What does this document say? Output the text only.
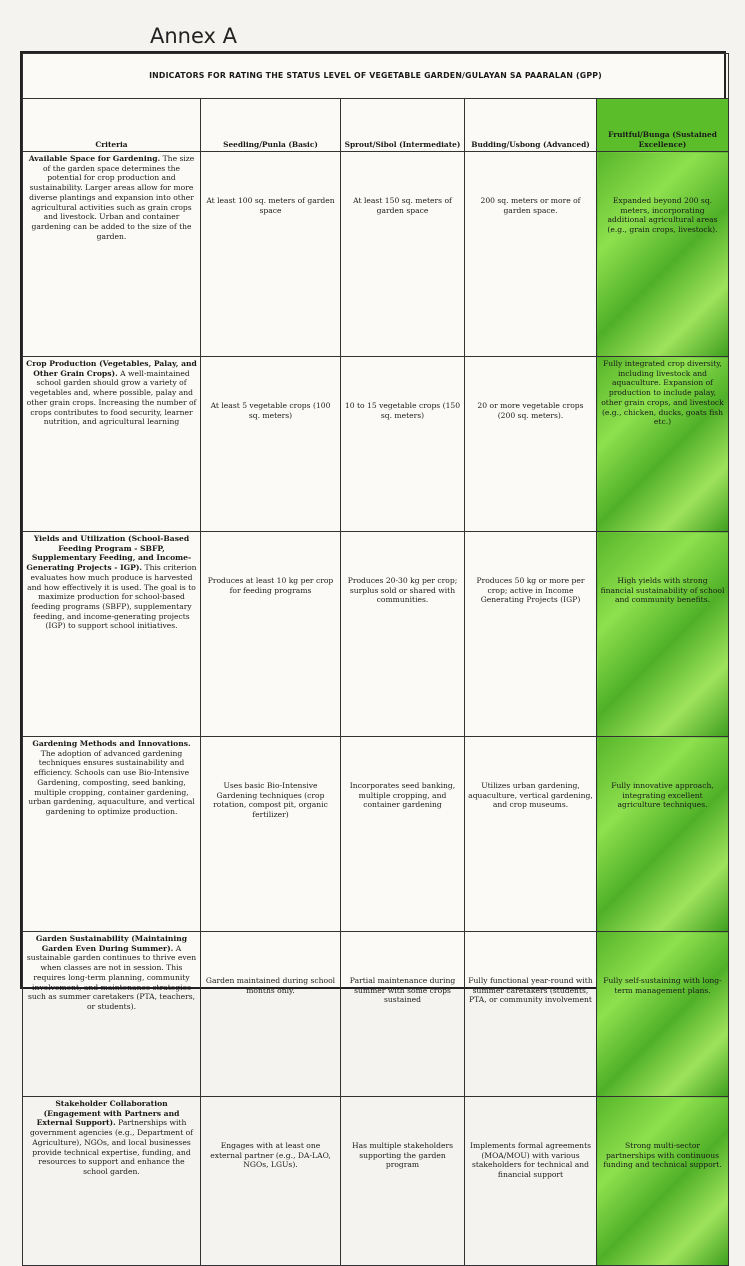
Annex A
INDICATORS FOR RATING THE STATUS LEVEL OF VEGETABLE GARDEN/GULAYAN SA PAARALAN (GPP)				
Criteria	Seedling/Punla (Basic)	Sprout/Sibol (Intermediate)	Budding/Usbong (Advanced)	Fruitful/Bunga (Sustained Excellence)
Available Space for Gardening. The size of the garden space determines the potential for crop production and sustainability. Larger areas allow for more diverse plantings and expansion into other agricultural activities such as grain crops and livestock. Urban and container gardening can be added to the size of the garden.	At least 100 sq. meters of garden space	At least 150 sq. meters of garden space	200 sq. meters or more of garden space.	Expanded beyond 200 sq. meters, incorporating additional agricultural areas (e.g., grain crops, livestock).
Crop Production (Vegetables, Palay, and Other Grain Crops). A well-maintained school garden should grow a variety of vegetables and, where possible, palay and other grain crops. Increasing the number of crops contributes to food security, learner nutrition, and agricultural learning	At least 5 vegetable crops (100 sq. meters)	10 to 15 vegetable crops (150 sq. meters)	20 or more vegetable crops (200 sq. meters).	Fully integrated crop diversity, including livestock and aquaculture. Expansion of production to include palay, other grain crops, and livestock (e.g., chicken, ducks, goats fish etc.)
Yields and Utilization (School-Based Feeding Program - SBFP, Supplementary Feeding, and Income-Generating Projects - IGP). This criterion evaluates how much produce is harvested and how effectively it is used. The goal is to maximize production for school-based feeding programs (SBFP), supplementary feeding, and income-generating projects (IGP) to support school initiatives.	Produces at least 10 kg per crop for feeding programs	Produces 20-30 kg per crop; surplus sold or shared with communities.	Produces 50 kg or more per crop; active in Income Generating Projects (IGP)	High yields with strong financial sustainability of school and community benefits.
Gardening Methods and Innovations. The adoption of advanced gardening techniques ensures sustainability and efficiency. Schools can use Bio-Intensive Gardening, composting, seed banking, multiple cropping, container gardening, urban gardening, aquaculture, and vertical gardening to optimize production.	Uses basic Bio-Intensive Gardening techniques (crop rotation, compost pit, organic fertilizer)	Incorporates seed banking, multiple cropping, and container gardening	Utilizes urban gardening, aquaculture, vertical gardening, and crop museums.	Fully innovative approach, integrating excellent agriculture techniques.
Garden Sustainability (Maintaining Garden Even During Summer). A sustainable garden continues to thrive even when classes are not in session. This requires long-term planning, community involvement, and maintenance strategies such as summer caretakers (PTA, teachers, or students).	Garden maintained during school months only.	Partial maintenance during summer with some crops sustained	Fully functional year-round with summer caretakers (students, PTA, or community involvement	Fully self-sustaining with long-term management plans.
Stakeholder Collaboration (Engagement with Partners and External Support). Partnerships with government agencies (e.g., Department of Agriculture), NGOs, and local businesses provide technical expertise, funding, and resources to support and enhance the school garden.	Engages with at least one external partner (e.g., DA-LAO, NGOs, LGUs).	Has multiple stakeholders supporting the garden program	Implements formal agreements (MOA/MOU) with various stakeholders for technical and financial support	Strong multi-sector partnerships with continuous funding and technical support.
